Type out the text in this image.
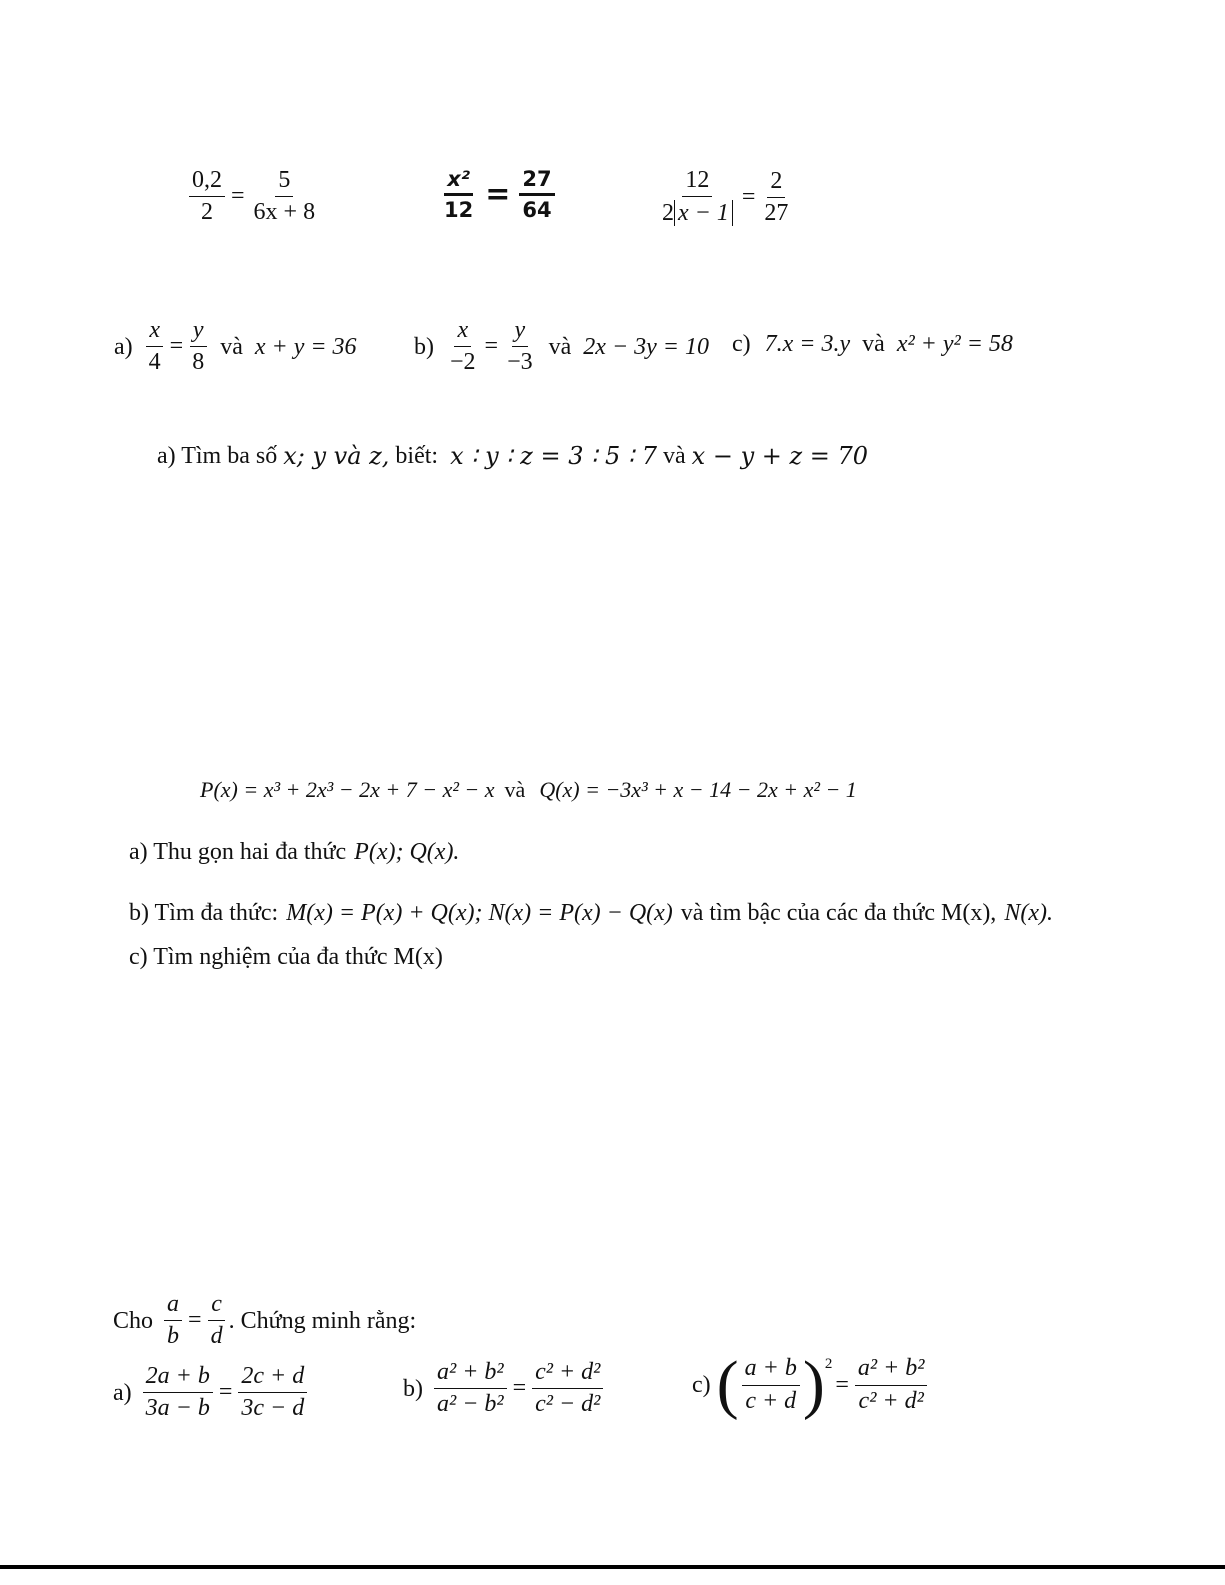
$\frac{0,2}{2} = \frac{5}{6x + 8}$	$\frac{\text{x²}}{12} = \frac{27}{64}$	$\frac{12}{2 x - 1} = \frac{2}{27}$
$a) \frac{x}{4} = \frac{y}{8}$ và x + y = 36 $b) \frac{x}{-2} = \frac{y}{-3}$ và 2x − 3y = 10 c) 7.x = 3.y và x² + y² = 58
a) Tìm ba số x; y và z, biết: x ∶ y ∶ z = 3 ∶ 5 ∶ 7 và x − y + z = 70
P(x) = x³ + 2x³ − 2x + 7 − x² − x và Q(x) = −3x³ + x − 14 − 2x + x² − 1
a) Thu gọn hai đa thức P(x); Q(x).
b) Tìm đa thức: M(x) = P(x) + Q(x); N(x) = P(x) − Q(x) và tìm bậc của các đa thức M(x), N(x).
c) Tìm nghiệm của đa thức M(x)
Cho $\frac{a}{b} = \frac{c}{d}$ . Chứng minh rằng:
$a) \frac{2a + b}{3a - b} = \frac{2c + d}{3c - d}$	$b) \frac{\text{a² + b²}}{\text{a² − b²}} = \frac{\text{c² + d²}}{\text{c² − d²}}$	c) ( $\frac{a + b}{c + d}$ ) 2
= $\frac{\text{a² + b²}}{\text{c² + d²}}$
